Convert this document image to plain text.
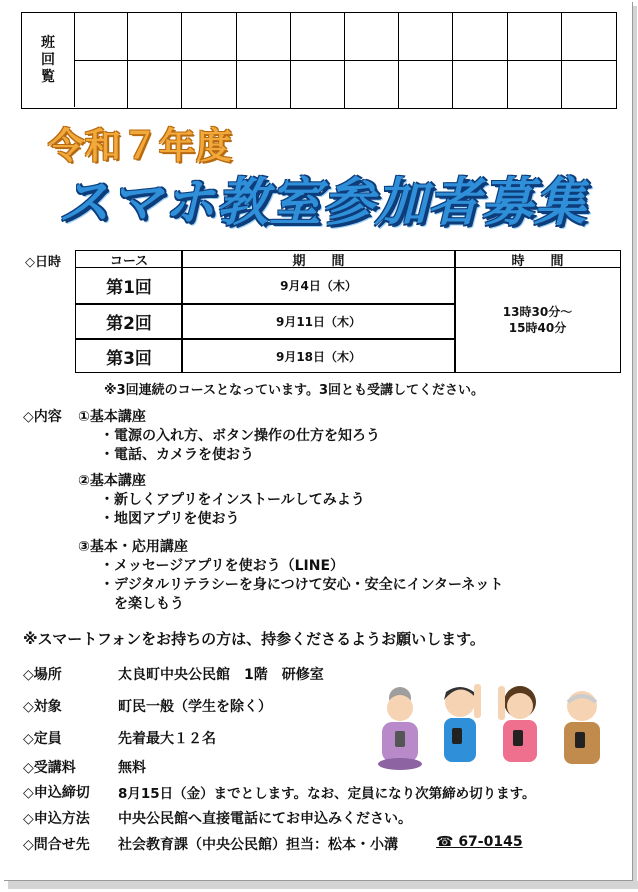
班
回
覧
令和７年度
スマホ教室参加者募集
◇日時	コース	期　　間	時　　間
第1回	9月4日（木）
第2回	9月11日（木）
第3回	9月18日（木）
13時30分～
15時40分
※3回連続のコースとなっています。3回とも受講してください。
◇内容 ①基本講座
・電源の入れ方、ボタン操作の仕方を知ろう
・電話、カメラを使おう
②基本講座
・新しくアプリをインストールしてみよう
・地図アプリを使おう
③基本・応用講座
・メッセージアプリを使おう（LINE）
・デジタルリテラシーを身につけて安心・安全にインターネット
を楽しもう
※スマートフォンをお持ちの方は、持参くださるようお願いします。
◇場所	太良町中央公民館　1階　研修室
◇対象	町民一般（学生を除く）
◇定員	先着最大１２名
◇受講料	無料
◇申込締切 8月15日（金）までとします。なお、定員になり次第締め切ります。
◇申込方法 中央公民館へ直接電話にてお申込みください。
◇問合せ先 社会教育課（中央公民館）担当：松本・小溝	☎ 67-0145
